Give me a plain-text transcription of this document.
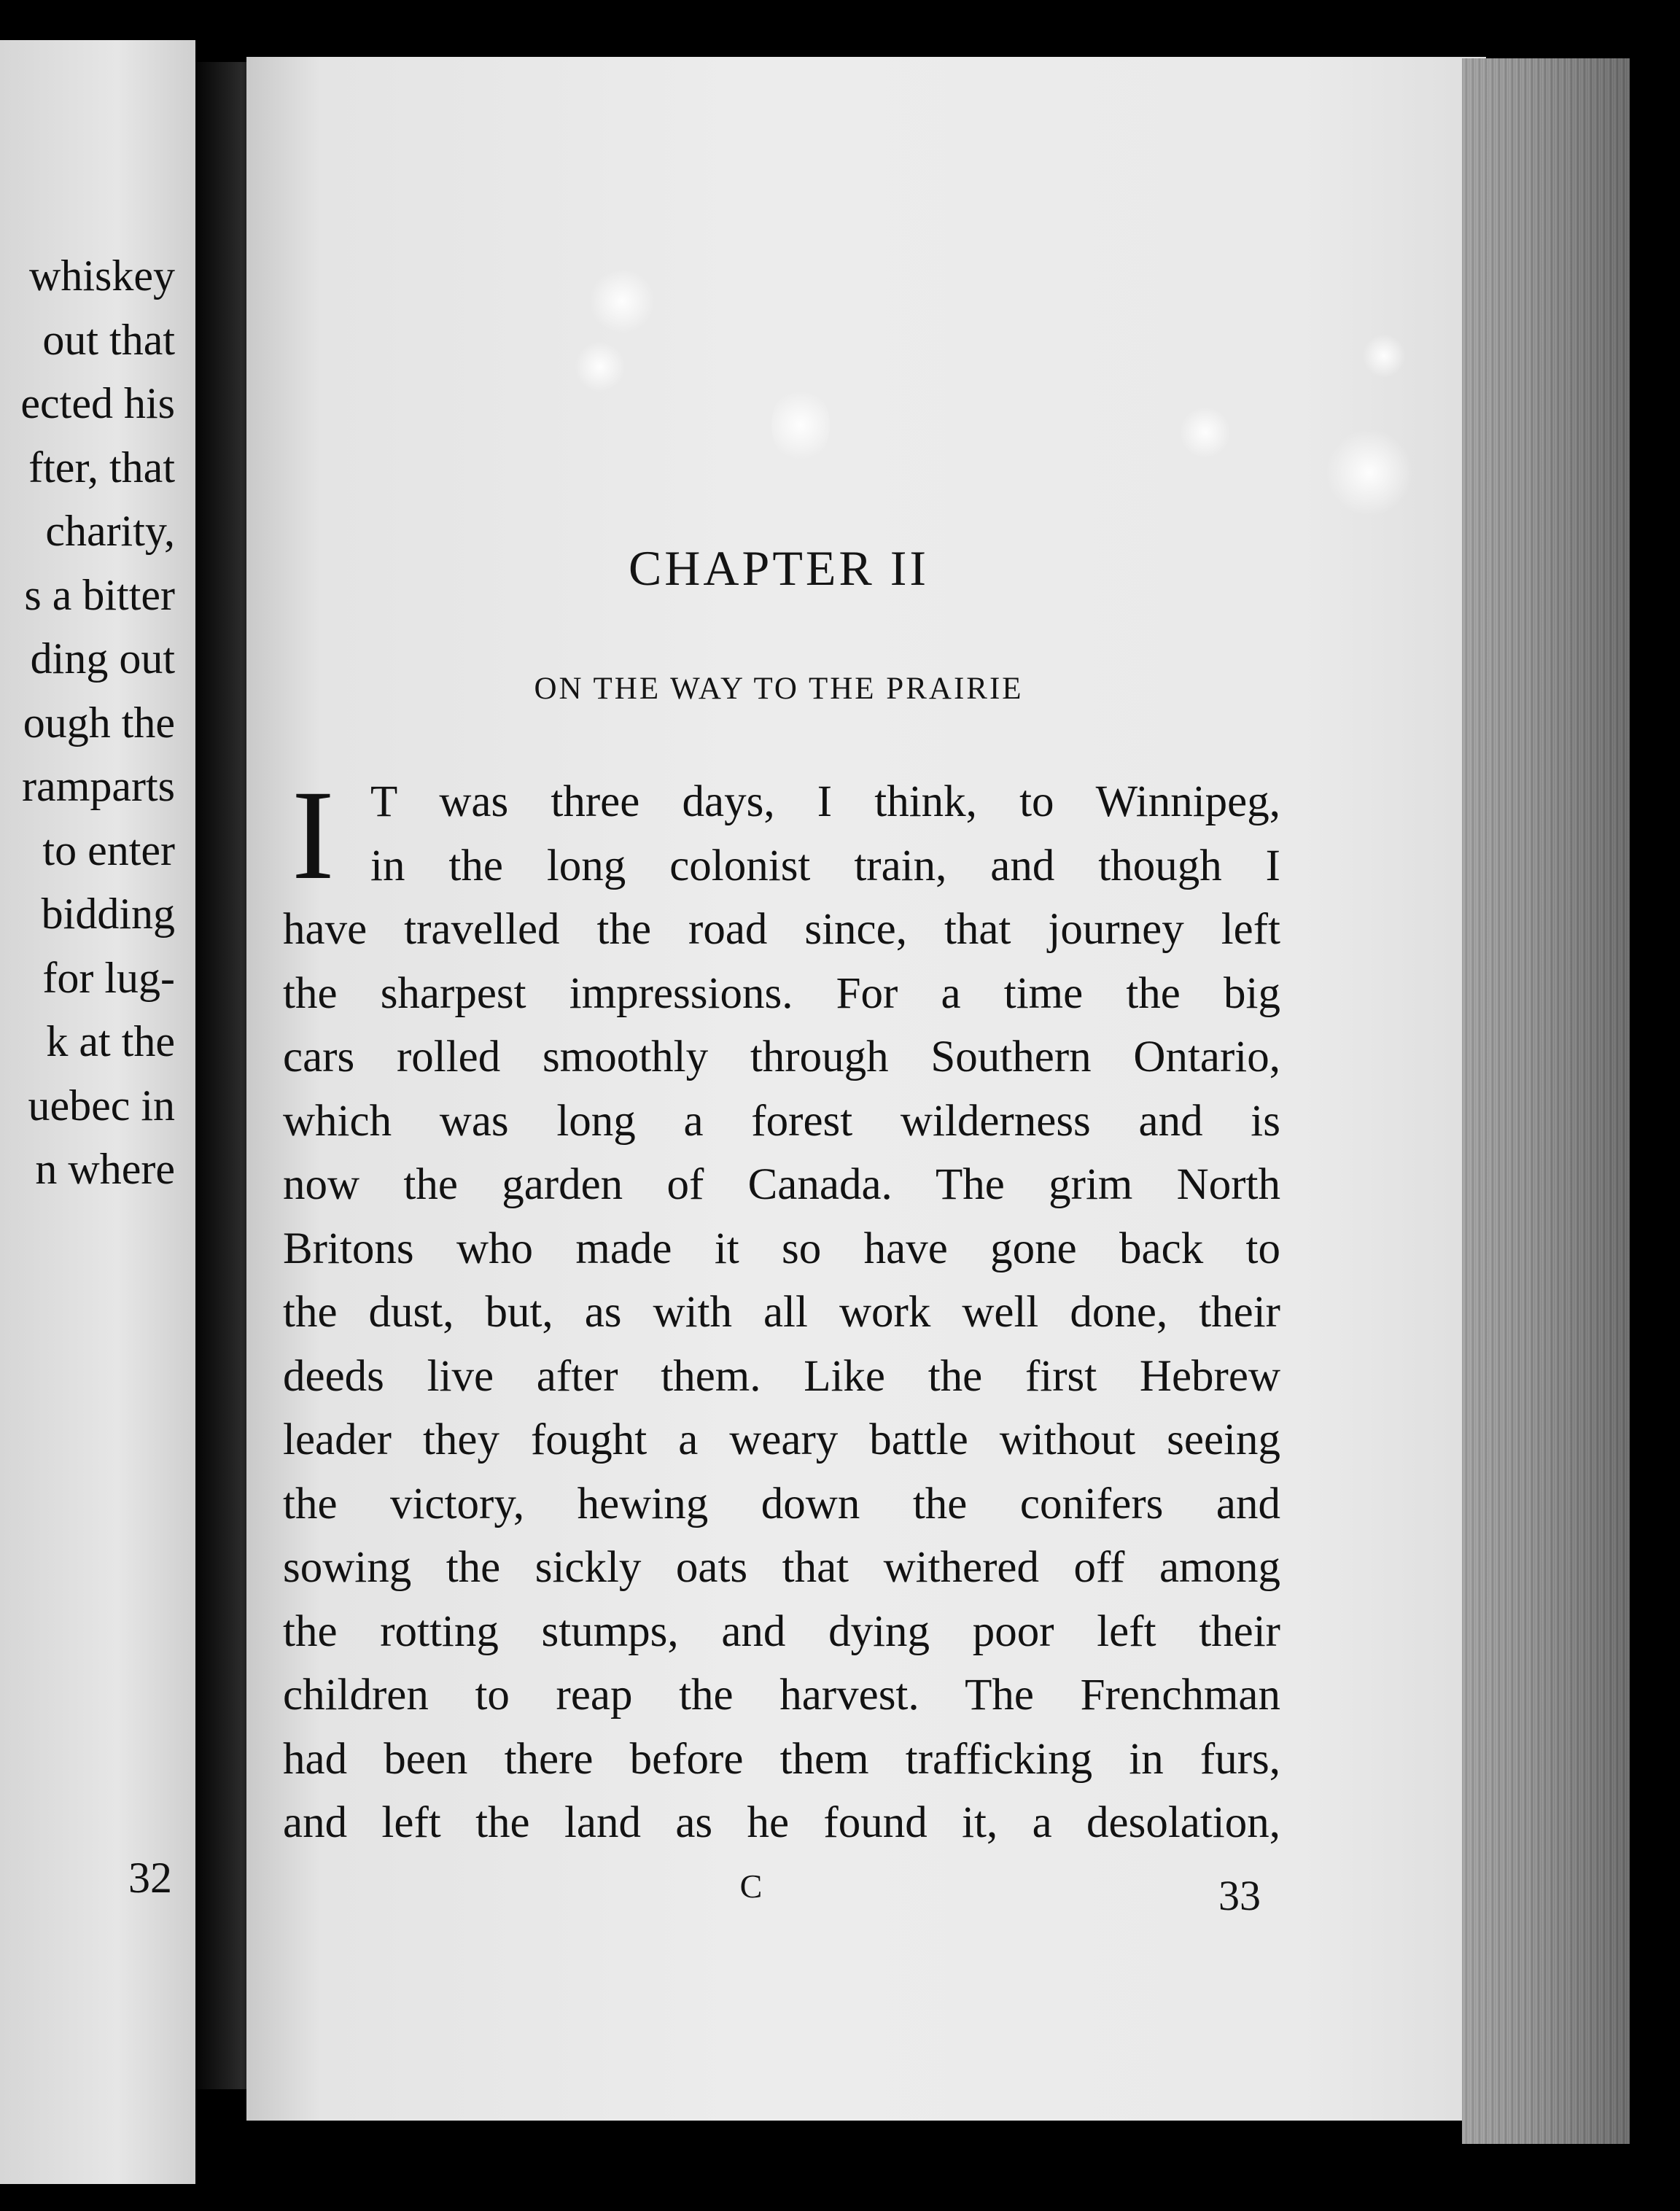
whiskey
out that
ected his
fter, that
charity,
s a bitter
ding out
ough the
ramparts
to enter
bidding
for lug-
k at the
uebec in
n where
32
CHAPTER II
ON THE WAY TO THE PRAIRIE
I T was three days, I think, to Winnipeg,
in the long colonist train, and though I
have travelled the road since, that journey left
the sharpest impressions. For a time the big
cars rolled smoothly through Southern Ontario,
which was long a forest wilderness and is
now the garden of Canada. The grim North
Britons who made it so have gone back to
the dust, but, as with all work well done, their
deeds live after them. Like the first Hebrew
leader they fought a weary battle without seeing
the victory, hewing down the conifers and
sowing the sickly oats that withered off among
the rotting stumps, and dying poor left their
children to reap the harvest. The Frenchman
had been there before them trafficking in furs,
and left the land as he found it, a desolation,
C	33
